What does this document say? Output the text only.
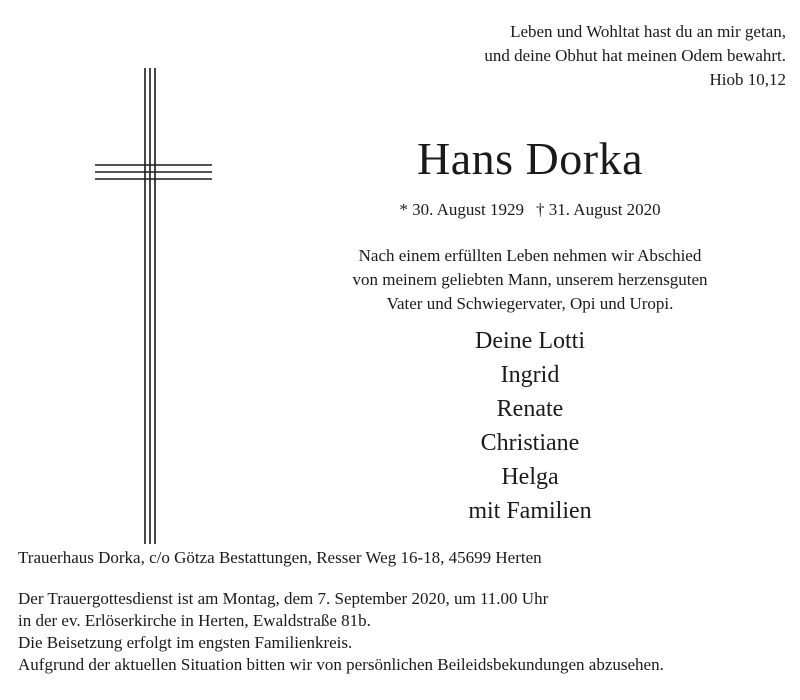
Leben und Wohltat hast du an mir getan,
und deine Obhut hat meinen Odem bewahrt.
Hiob 10,12
Hans Dorka
* 30. August 1929 † 31. August 2020
Nach einem erfüllten Leben nehmen wir Abschied
von meinem geliebten Mann, unserem herzensguten
Vater und Schwiegervater, Opi und Uropi.
Deine Lotti
Ingrid
Renate
Christiane
Helga
mit Familien
Trauerhaus Dorka, c/o Götza Bestattungen, Resser Weg 16-18, 45699 Herten
Der Trauergottesdienst ist am Montag, dem 7. September 2020, um 11.00 Uhr
in der ev. Erlöserkirche in Herten, Ewaldstraße 81b.
Die Beisetzung erfolgt im engsten Familienkreis.
Aufgrund der aktuellen Situation bitten wir von persönlichen Beileidsbekundungen abzusehen.
